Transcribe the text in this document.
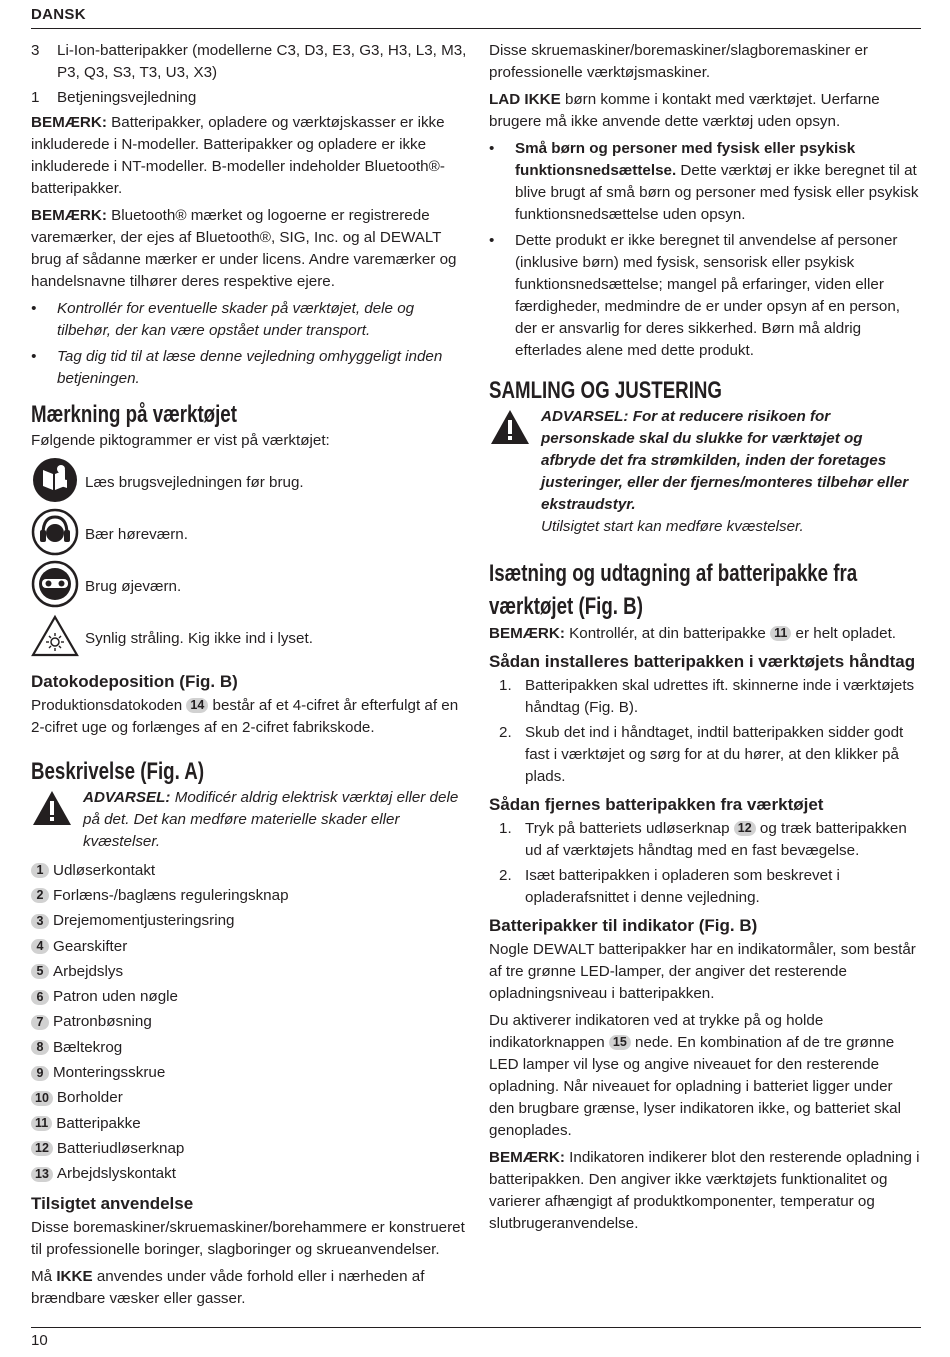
DANSK
3	Li-Ion-batteripakker (modellerne C3, D3, E3, G3, H3, L3, M3, P3, Q3, S3, T3, U3, X3)
1	Betjeningsvejledning

BEMÆRK: Batteripakker, opladere og værktøjskasser er ikke inkluderede i N-modeller. Batteripakker og opladere er ikke inkluderede i NT-modeller. B-modeller indeholder Bluetooth®-batteripakker.

BEMÆRK: Bluetooth® mærket og logoerne er registrerede varemærker, der ejes af Bluetooth®, SIG, Inc. og al DEWALT brug af sådanne mærker er under licens. Andre varemærker og handelsnavne tilhører deres respektive ejere.

•	Kontrollér for eventuelle skader på værktøjet, dele og tilbehør, der kan være opstået under transport.
•	Tag dig tid til at læse denne vejledning omhyggeligt inden betjeningen.
Mærkning på værktøjet

Følgende piktogrammer er vist på værktøjet:

Læs brugsvejledningen før brug.
Bær høreværn.
Brug øjeværn.
Synlig stråling. Kig ikke ind i lyset.
Datokodeposition (Fig. B)

Produktionsdatokoden 14 består af et 4-cifret år efterfulgt af en 2-cifret uge og forlænges af en 2-cifret fabrikskode.

Beskrivelse (Fig. A)

ADVARSEL: Modificér aldrig elektrisk værktøj eller dele på det. Det kan medføre materielle skader eller kvæstelser.

1 Udløserkontakt
2 Forlæns-/baglæns reguleringsknap
3 Drejemomentjusteringsring
4 Gearskifter
5 Arbejdslys
6 Patron uden nøgle
7 Patronbøsning
8 Bæltekrog
9 Monteringsskrue
10 Borholder
11 Batteripakke
12 Batteriudløserknap
13 Arbejdslyskontakt
Tilsigtet anvendelse

Disse boremaskiner/skruemaskiner/borehammere er konstrueret til professionelle boringer, slagboringer og skrueanvendelser.

Må IKKE anvendes under våde forhold eller i nærheden af brændbare væsker eller gasser.

Disse skruemaskiner/boremaskiner/slagboremaskiner er professionelle værktøjsmaskiner.

LAD IKKE børn komme i kontakt med værktøjet. Uerfarne brugere må ikke anvende dette værktøj uden opsyn.

•	Små børn og personer med fysisk eller psykisk funktionsnedsættelse. Dette værktøj er ikke beregnet til at blive brugt af små børn og personer med fysisk eller psykisk funktionsnedsættelse uden opsyn.
•	Dette produkt er ikke beregnet til anvendelse af personer (inklusive børn) med fysisk, sensorisk eller psykisk funktionsnedsættelse; mangel på erfaringer, viden eller færdigheder, medmindre de er under opsyn af en person, der er ansvarlig for deres sikkerhed. Børn må aldrig efterlades alene med dette produkt.
SAMLING OG JUSTERING

ADVARSEL: For at reducere risikoen for personskade skal du slukke for værktøjet og afbryde det fra strømkilden, inden der foretages justeringer, eller der fjernes/monteres tilbehør eller ekstraudstyr.
Utilsigtet start kan medføre kvæstelser.

Isætning og udtagning af batteripakke fra værktøjet (Fig. B)

BEMÆRK: Kontrollér, at din batteripakke 11 er helt opladet.

Sådan installeres batteripakken i værktøjets håndtag
1. Batteripakken skal udrettes ift. skinnerne inde i værktøjets håndtag (Fig. B).
2. Skub det ind i håndtaget, indtil batteripakken sidder godt fast i værktøjet og sørg for at du hører, at den klikker på plads.
Sådan fjernes batteripakken fra værktøjet
1. Tryk på batteriets udløserknap 12 og træk batteripakken ud af værktøjets håndtag med en fast bevægelse.
2. Isæt batteripakken i opladeren som beskrevet i opladerafsnittet i denne vejledning.
Batteripakker til indikator (Fig. B)

Nogle DEWALT batteripakker har en indikatormåler, som består af tre grønne LED-lamper, der angiver det resterende opladningsniveau i batteripakken.

Du aktiverer indikatoren ved at trykke på og holde indikatorknappen 15 nede. En kombination af de tre grønne LED lamper vil lyse og angive niveauet for den resterende opladning. Når niveauet for opladning i batteriet ligger under den brugbare grænse, lyser indikatoren ikke, og batteriet skal genoplades.

BEMÆRK: Indikatoren indikerer blot den resterende opladning i batteripakken. Den angiver ikke værktøjets funktionalitet og varierer afhængigt af produktkomponenter, temperatur og slutbrugeranvendelse.

10
